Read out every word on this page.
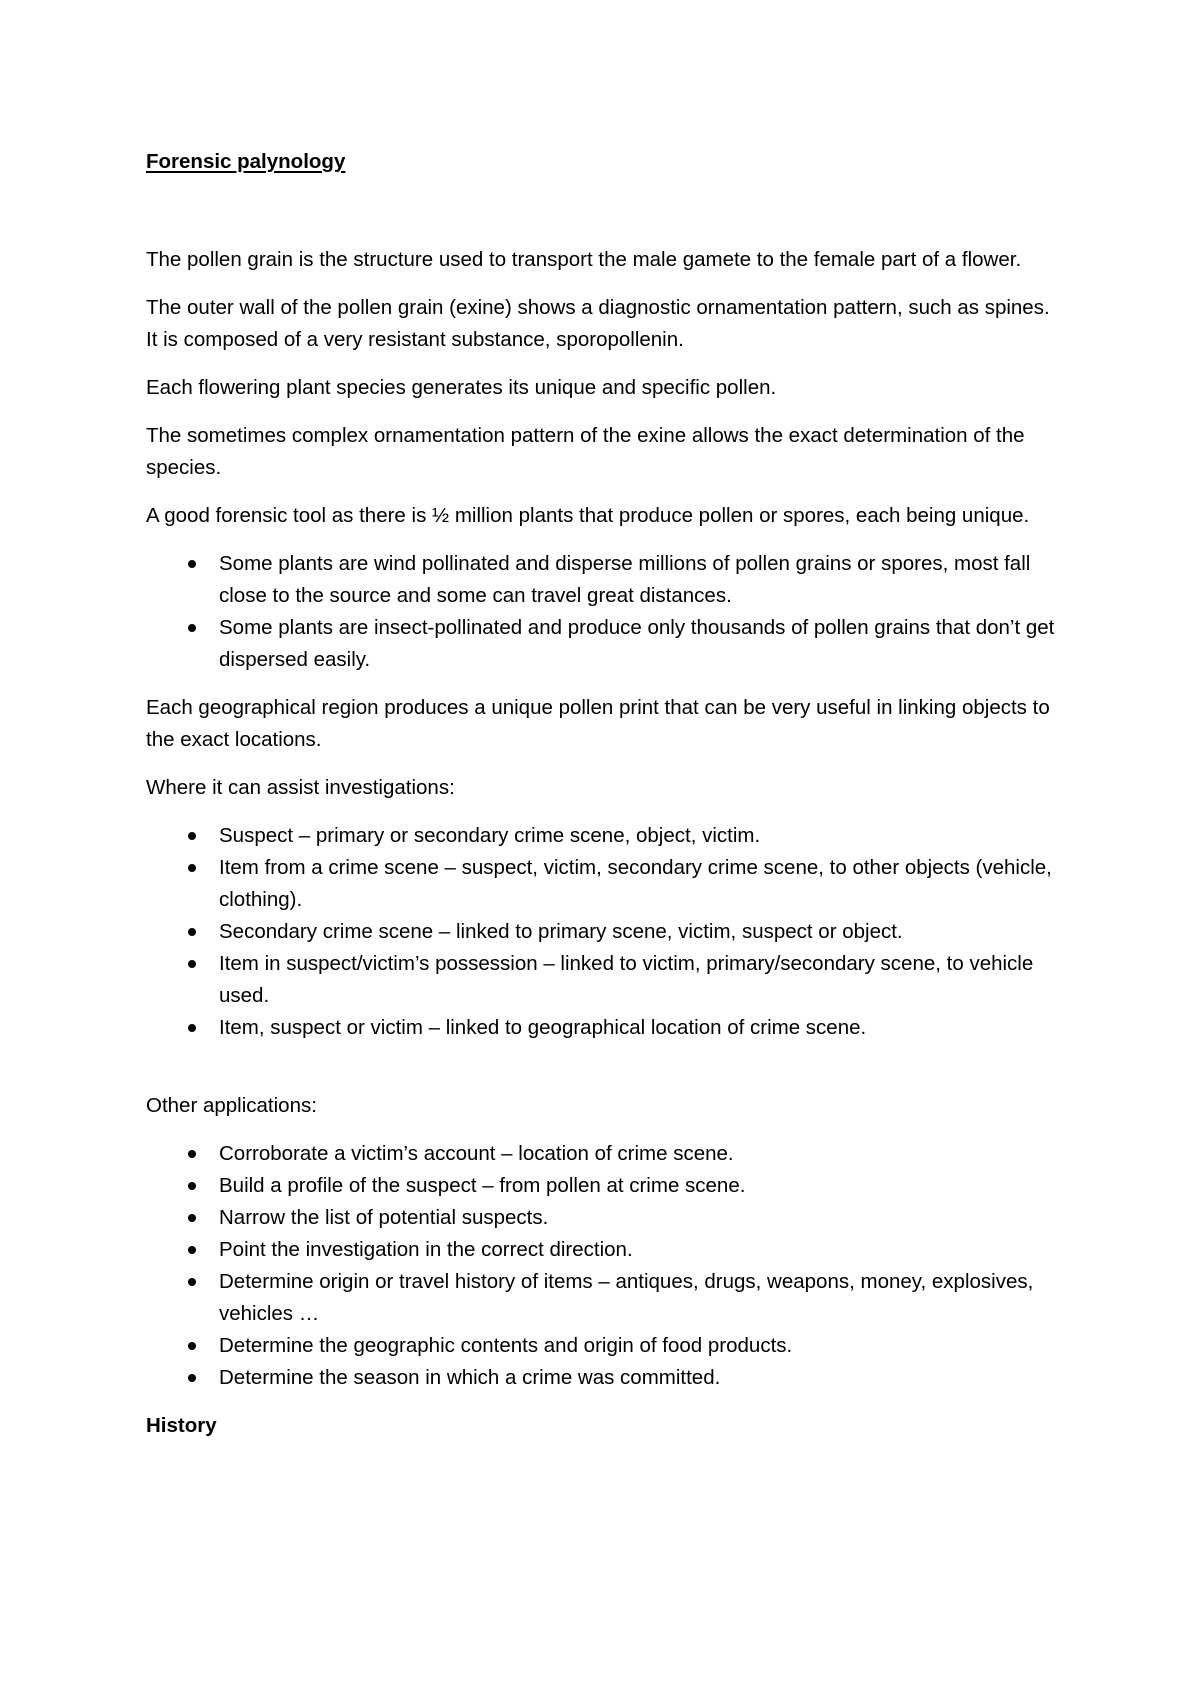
Forensic palynology

The pollen grain is the structure used to transport the male gamete to the female part of a flower.

The outer wall of the pollen grain (exine) shows a diagnostic ornamentation pattern, such as spines. It is composed of a very resistant substance, sporopollenin.

Each flowering plant species generates its unique and specific pollen.

The sometimes complex ornamentation pattern of the exine allows the exact determination of the species.

A good forensic tool as there is ½ million plants that produce pollen or spores, each being unique.

Some plants are wind pollinated and disperse millions of pollen grains or spores, most fall close to the source and some can travel great distances.
Some plants are insect-pollinated and produce only thousands of pollen grains that don’t get dispersed easily.

Each geographical region produces a unique pollen print that can be very useful in linking objects to the exact locations.

Where it can assist investigations:

Suspect – primary or secondary crime scene, object, victim.
Item from a crime scene – suspect, victim, secondary crime scene, to other objects (vehicle, clothing).
Secondary crime scene – linked to primary scene, victim, suspect or object.
Item in suspect/victim’s possession – linked to victim, primary/secondary scene, to vehicle used.
Item, suspect or victim – linked to geographical location of crime scene.

Other applications:

Corroborate a victim’s account – location of crime scene.
Build a profile of the suspect – from pollen at crime scene.
Narrow the list of potential suspects.
Point the investigation in the correct direction.
Determine origin or travel history of items – antiques, drugs, weapons, money, explosives, vehicles …
Determine the geographic contents and origin of food products.
Determine the season in which a crime was committed.
History
